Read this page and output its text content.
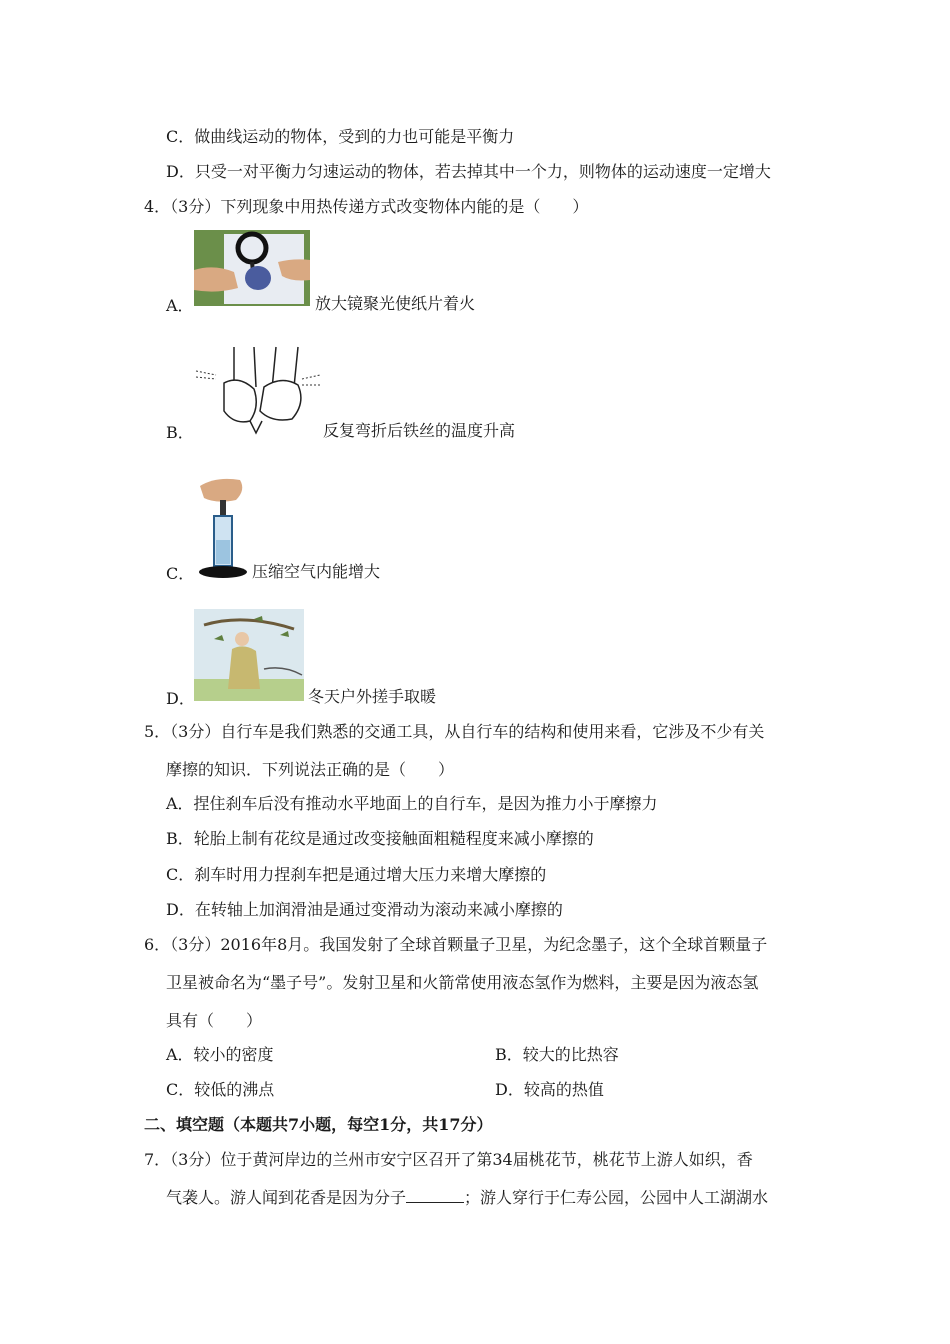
C．做曲线运动的物体，受到的力也可能是平衡力
D．只受一对平衡力匀速运动的物体，若去掉其中一个力，则物体的运动速度一定增大
4．（3分）下列现象中用热传递方式改变物体内能的是（　　）
A．	放大镜聚光使纸片着火
B．	反复弯折后铁丝的温度升高
C．	压缩空气内能增大
D．	冬天户外搓手取暖
5．（3分）自行车是我们熟悉的交通工具，从自行车的结构和使用来看，它涉及不少有关
摩擦的知识．下列说法正确的是（　　）
A．捏住刹车后没有推动水平地面上的自行车，是因为推力小于摩擦力
B．轮胎上制有花纹是通过改变接触面粗糙程度来减小摩擦的
C．刹车时用力捏刹车把是通过增大压力来增大摩擦的
D．在转轴上加润滑油是通过变滑动为滚动来减小摩擦的
6．（3分）2016年8月。我国发射了全球首颗量子卫星，为纪念墨子，这个全球首颗量子
卫星被命名为“墨子号”。发射卫星和火箭常使用液态氢作为燃料，主要是因为液态氢
具有（　　）
A．较小的密度	B．较大的比热容
C．较低的沸点	D．较高的热值
二、填空题（本题共7小题，每空1分，共17分）
7．（3分）位于黄河岸边的兰州市安宁区召开了第34届桃花节，桃花节上游人如织，香
气袭人。游人闻到花香是因为分子	；游人穿行于仁寿公园，公园中人工湖湖水
